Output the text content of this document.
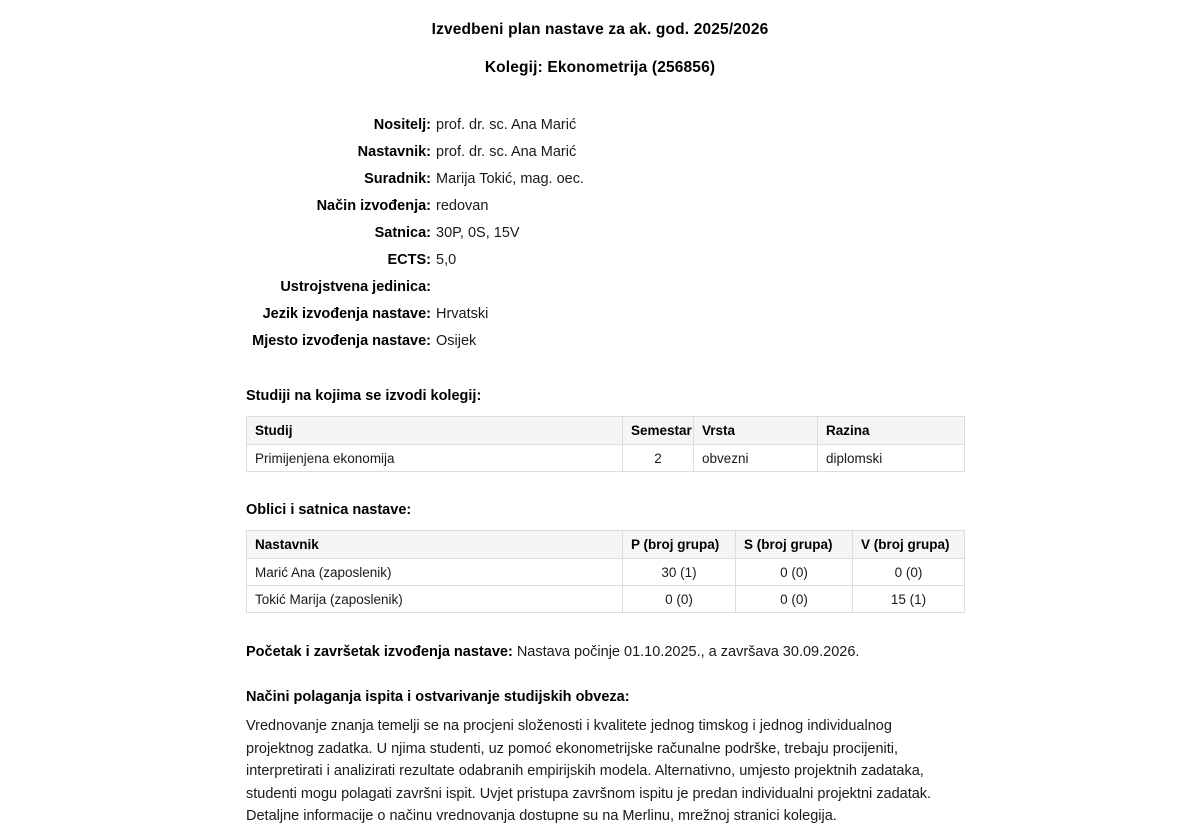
Izvedbeni plan nastave za ak. god. 2025/2026
Kolegij: Ekonometrija (256856)
Nositelj: prof. dr. sc. Ana Marić
Nastavnik: prof. dr. sc. Ana Marić
Suradnik: Marija Tokić, mag. oec.
Način izvođenja: redovan
Satnica: 30P, 0S, 15V
ECTS: 5,0
Ustrojstvena jedinica:
Jezik izvođenja nastave: Hrvatski
Mjesto izvođenja nastave: Osijek
Studiji na kojima se izvodi kolegij:
Studij	Semestar	Vrsta	Razina
Primijenjena ekonomija	2	obvezni	diplomski
Oblici i satnica nastave:
Nastavnik	P (broj grupa)	S (broj grupa)	V (broj grupa)
Marić Ana (zaposlenik)	30 (1)	0 (0)	0 (0)
Tokić Marija (zaposlenik)	0 (0)	0 (0)	15 (1)
Početak i završetak izvođenja nastave: Nastava počinje 01.10.2025., a završava 30.09.2026.
Načini polaganja ispita i ostvarivanje studijskih obveza:
Vrednovanje znanja temelji se na procjeni složenosti i kvalitete jednog timskog i jednog individualnog projektnog zadatka. U njima studenti, uz pomoć ekonometrijske računalne podrške, trebaju procijeniti, interpretirati i analizirati rezultate odabranih empirijskih modela. Alternativno, umjesto projektnih zadataka, studenti mogu polagati završni ispit. Uvjet pristupa završnom ispitu je predan individualni projektni zadatak. Detaljne informacije o načinu vrednovanja dostupne su na Merlinu, mrežnoj stranici kolegija.
